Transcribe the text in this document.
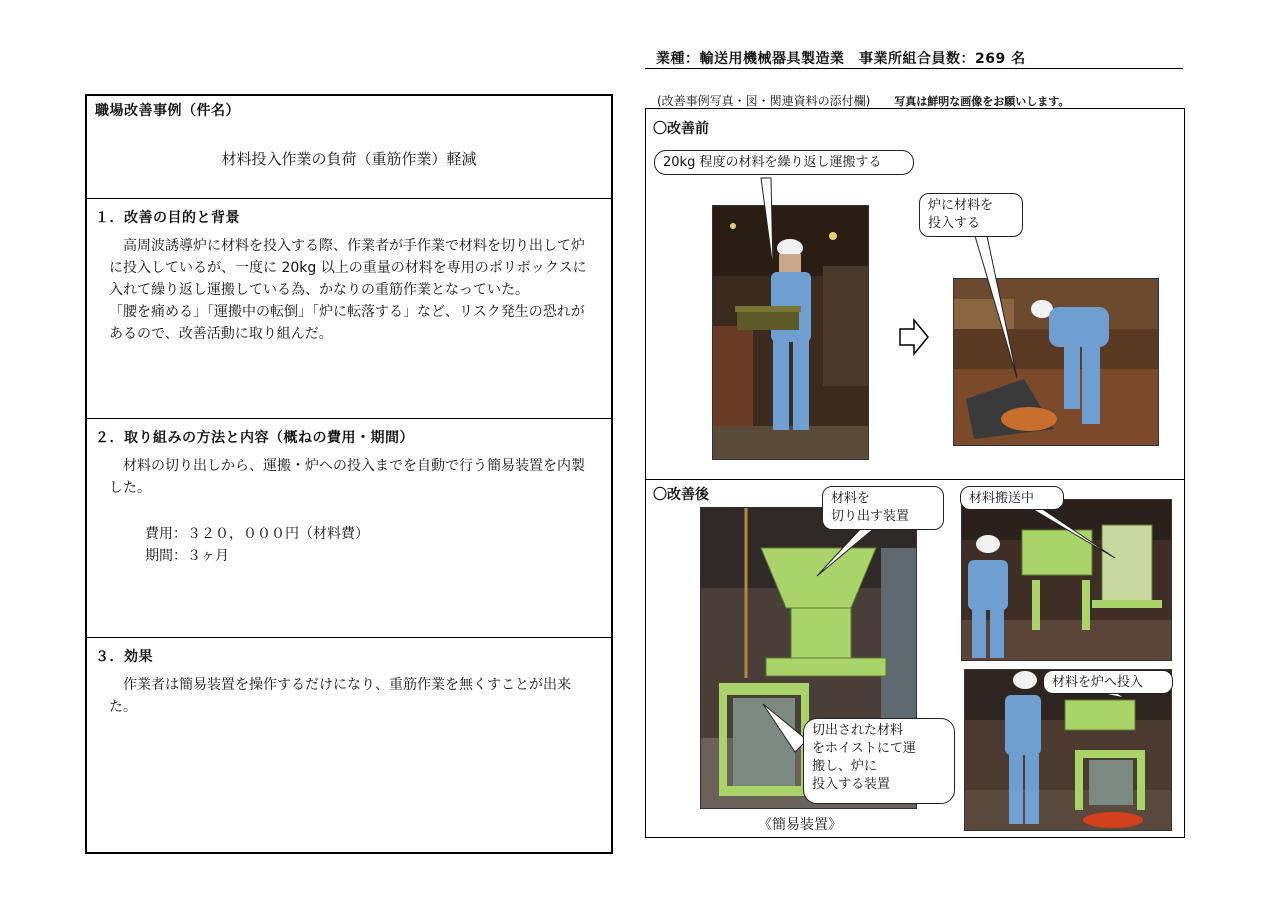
業種：輸送用機械器具製造業　事業所組合員数：269 名
職場改善事例（件名）
材料投入作業の負荷（重筋作業）軽減
１．改善の目的と背景
　高周波誘導炉に材料を投入する際、作業者が手作業で材料を切り出して炉に投入しているが、一度に 20kg 以上の重量の材料を専用のポリボックスに入れて繰り返し運搬している為、かなりの重筋作業となっていた。
「腰を痛める」「運搬中の転倒」「炉に転落する」など、リスク発生の恐れがあるので、改善活動に取り組んだ。
２．取り組みの方法と内容（概ねの費用・期間）
　材料の切り出しから、運搬・炉への投入までを自動で行う簡易装置を内製した。
費用：３２０，０００円（材料費）
期間：３ヶ月
３．効果
　作業者は簡易装置を操作するだけになり、重筋作業を無くすことが出来た。
(改善事例写真・図・関連資料の添付欄) 写真は鮮明な画像をお願いします。
〇改善前
〇改善後
20kg 程度の材料を繰り返し運搬する
炉に材料を
投入する
材料を
切り出す装置
材料搬送中
材料を炉へ投入
切出された材料
をホイストにて運
搬し、炉に
投入する装置
《簡易装置》
